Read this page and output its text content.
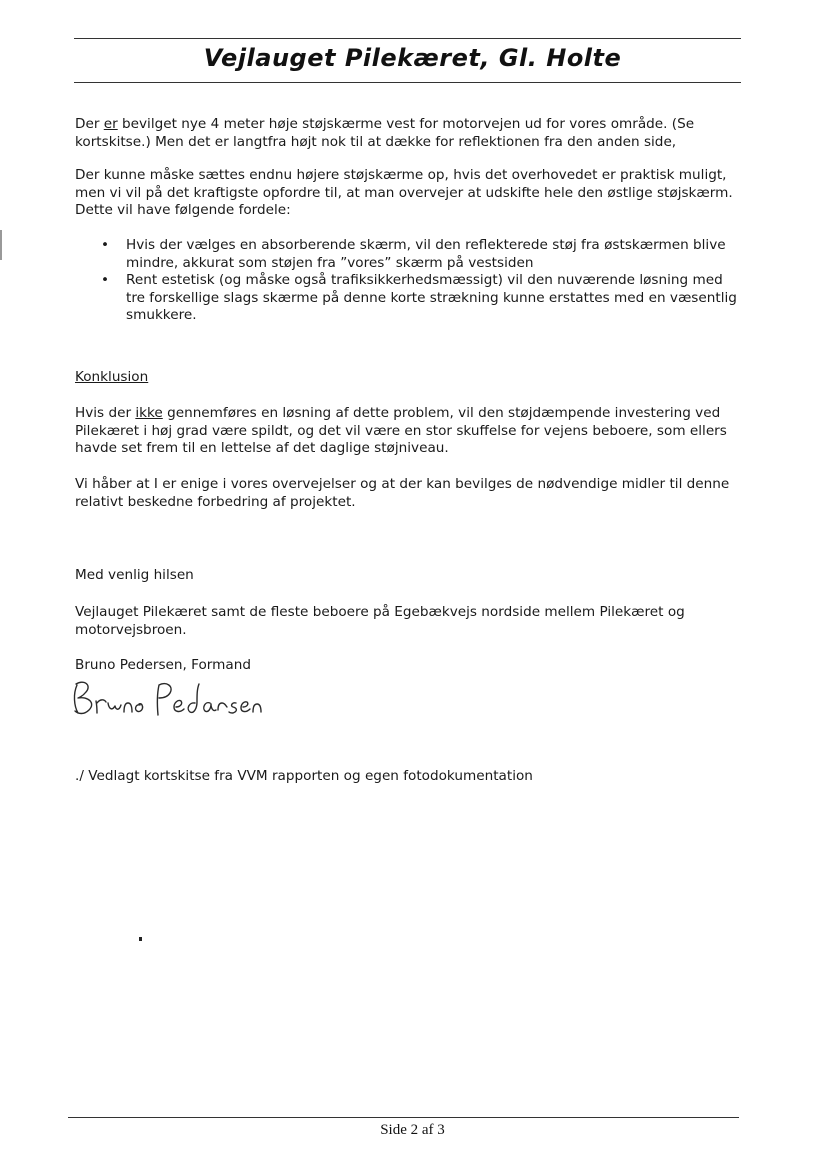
Vejlauget Pilekæret, Gl. Holte
Der er bevilget nye 4 meter høje støjskærme vest for motorvejen ud for vores område. (Se kortskitse.) Men det er langtfra højt nok til at dække for reflektionen fra den anden side,
Der kunne måske sættes endnu højere støjskærme op, hvis det overhovedet er praktisk muligt, men vi vil på det kraftigste opfordre til, at man overvejer at udskifte hele den østlige støjskærm. Dette vil have følgende fordele:
• Hvis der vælges en absorberende skærm, vil den reflekterede støj fra østskærmen blive mindre, akkurat som støjen fra ”vores” skærm på vestsiden
• Rent estetisk (og måske også trafiksikkerhedsmæssigt) vil den nuværende løsning med tre forskellige slags skærme på denne korte strækning kunne erstattes med en væsentlig smukkere.
Konklusion
Hvis der ikke gennemføres en løsning af dette problem, vil den støjdæmpende investering ved Pilekæret i høj grad være spildt, og det vil være en stor skuffelse for vejens beboere, som ellers havde set frem til en lettelse af det daglige støjniveau.
Vi håber at I er enige i vores overvejelser og at der kan bevilges de nødvendige midler til denne relativt beskedne forbedring af projektet.
Med venlig hilsen
Vejlauget Pilekæret samt de fleste beboere på Egebækvejs nordside mellem Pilekæret og motorvejsbroen.
Bruno Pedersen, Formand
./ Vedlagt kortskitse fra VVM rapporten og egen fotodokumentation
Side 2 af 3
